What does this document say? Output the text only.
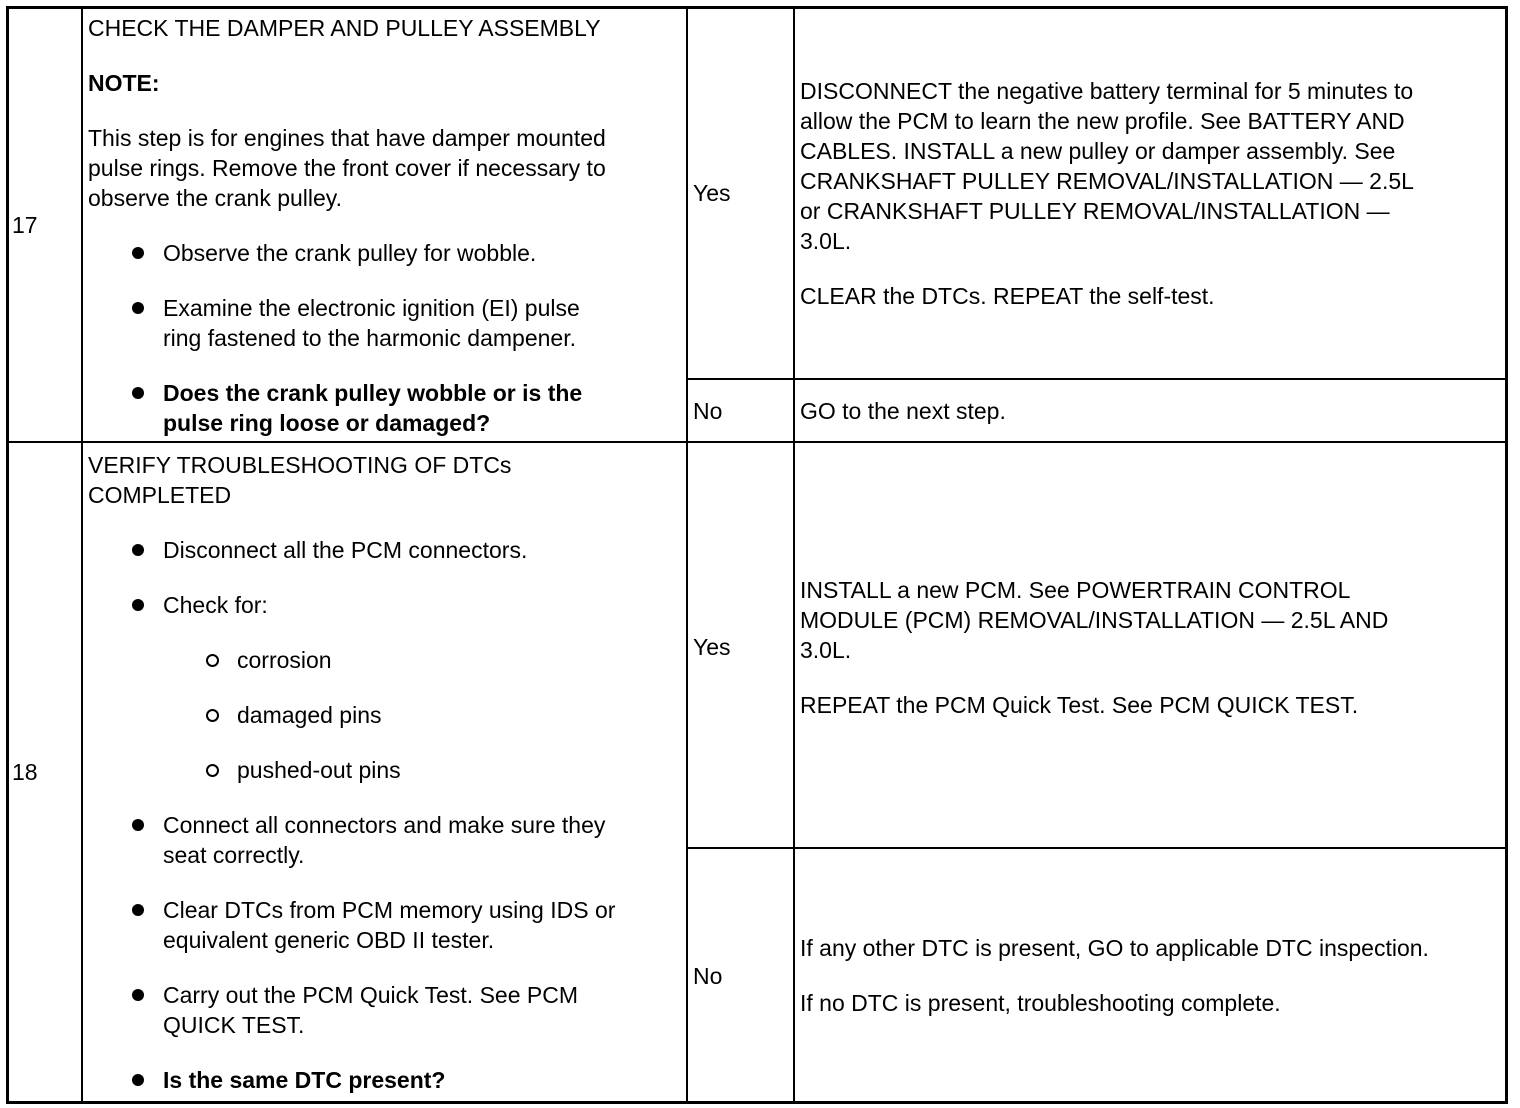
17
CHECK THE DAMPER AND PULLEY ASSEMBLY
NOTE:
This step is for engines that have damper mounted
pulse rings. Remove the front cover if necessary to
observe the crank pulley.
Observe the crank pulley for wobble.
Examine the electronic ignition (EI) pulse
ring fastened to the harmonic dampener.
Does the crank pulley wobble or is the
pulse ring loose or damaged?
Yes
DISCONNECT the negative battery terminal for 5 minutes to
allow the PCM to learn the new profile. See BATTERY AND
CABLES. INSTALL a new pulley or damper assembly. See
CRANKSHAFT PULLEY REMOVAL/INSTALLATION — 2.5L
or CRANKSHAFT PULLEY REMOVAL/INSTALLATION —
3.0L.
CLEAR the DTCs. REPEAT the self-test.
No	GO to the next step.
18
VERIFY TROUBLESHOOTING OF DTCs
COMPLETED
Disconnect all the PCM connectors.
Check for:
corrosion
damaged pins
pushed-out pins
Connect all connectors and make sure they
seat correctly.
Clear DTCs from PCM memory using IDS or
equivalent generic OBD II tester.
Carry out the PCM Quick Test. See PCM
QUICK TEST.
Is the same DTC present?
Yes
INSTALL a new PCM. See POWERTRAIN CONTROL
MODULE (PCM) REMOVAL/INSTALLATION — 2.5L AND
3.0L.
REPEAT the PCM Quick Test. See PCM QUICK TEST.
No
If any other DTC is present, GO to applicable DTC inspection.
If no DTC is present, troubleshooting complete.
